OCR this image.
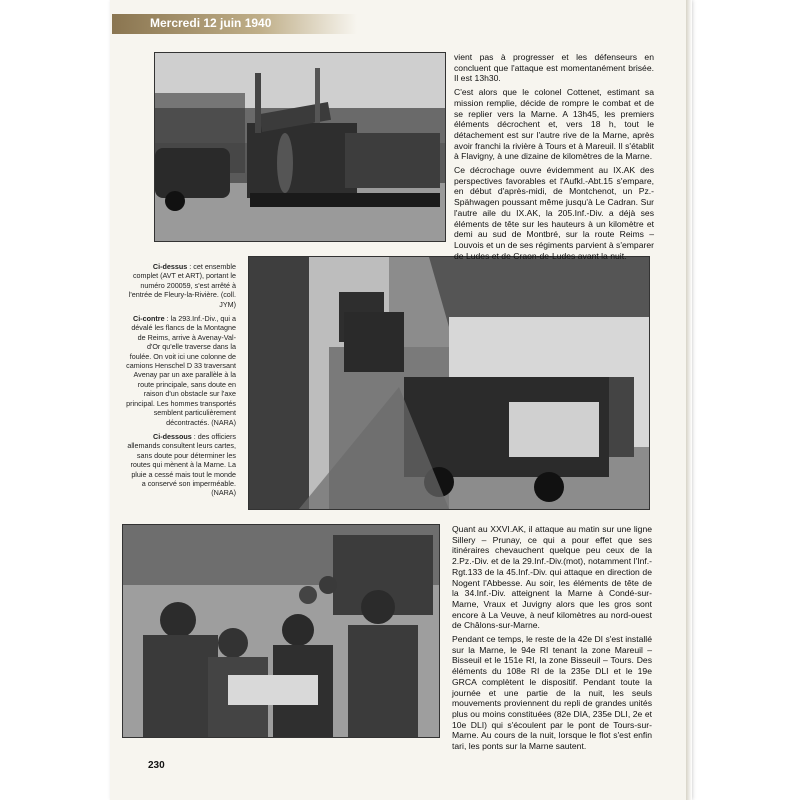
Mercredi 12 juin 1940

Ci-dessus : cet ensemble complet (AVT et ART), portant le numéro 200059, s'est arrêté à l'entrée de Fleury-la-Rivière. (coll. JYM)

Ci-contre : la 293.Inf.-Div., qui a dévalé les flancs de la Montagne de Reims, arrive à Avenay-Val-d'Or qu'elle traverse dans la foulée. On voit ici une colonne de camions Henschel D 33 traversant Avenay par un axe parallèle à la route principale, sans doute en raison d'un obstacle sur l'axe principal. Les hommes transportés semblent particulièrement décontractés. (NARA)

Ci-dessous : des officiers allemands consultent leurs cartes, sans doute pour déterminer les routes qui mènent à la Marne. La pluie a cessé mais tout le monde a conservé son imperméable. (NARA)

vient pas à progresser et les défenseurs en concluent que l'attaque est momentanément brisée. Il est 13h30.

C'est alors que le colonel Cottenet, estimant sa mission remplie, décide de rompre le combat et de se replier vers la Marne. A 13h45, les premiers éléments décrochent et, vers 18 h, tout le détachement est sur l'autre rive de la Marne, après avoir franchi la rivière à Tours et à Mareuil. Il s'établit à Flavigny, à une dizaine de kilomètres de la Marne.

Ce décrochage ouvre évidemment au IX.AK des perspectives favorables et l'Aufkl.-Abt.15 s'empare, en début d'après-midi, de Montchenot, un Pz.-Spähwagen poussant même jusqu'à Le Cadran. Sur l'autre aile du IX.AK, la 205.Inf.-Div. a déjà ses éléments de tête sur les hauteurs à un kilomètre et demi au sud de Montbré, sur la route Reims – Louvois et un de ses régiments parvient à s'emparer de Ludes et de Craon-de-Ludes avant la nuit.

Quant au XXVI.AK, il attaque au matin sur une ligne Sillery – Prunay, ce qui a pour effet que ses itinéraires chevauchent quelque peu ceux de la 2.Pz.-Div. et de la 29.Inf.-Div.(mot), notamment l'Inf.-Rgt.133 de la 45.Inf.-Div. qui attaque en direction de Nogent l'Abbesse. Au soir, les éléments de tête de la 34.Inf.-Div. atteignent la Marne à Condé-sur-Marne, Vraux et Juvigny alors que les gros sont encore à La Veuve, à neuf kilomètres au nord-ouest de Châlons-sur-Marne.

Pendant ce temps, le reste de la 42e DI s'est installé sur la Marne, le 94e RI tenant la zone Mareuil – Bisseuil et le 151e RI, la zone Bisseuil – Tours. Des éléments du 108e RI de la 235e DLI et le 19e GRCA complètent le dispositif. Pendant toute la journée et une partie de la nuit, les seuls mouvements proviennent du repli de grandes unités plus ou moins constituées (82e DIA, 235e DLI, 2e et 10e DLI) qui s'écoulent par le pont de Tours-sur-Marne. Au cours de la nuit, lorsque le flot s'est enfin tari, les ponts sur la Marne sautent.

230
